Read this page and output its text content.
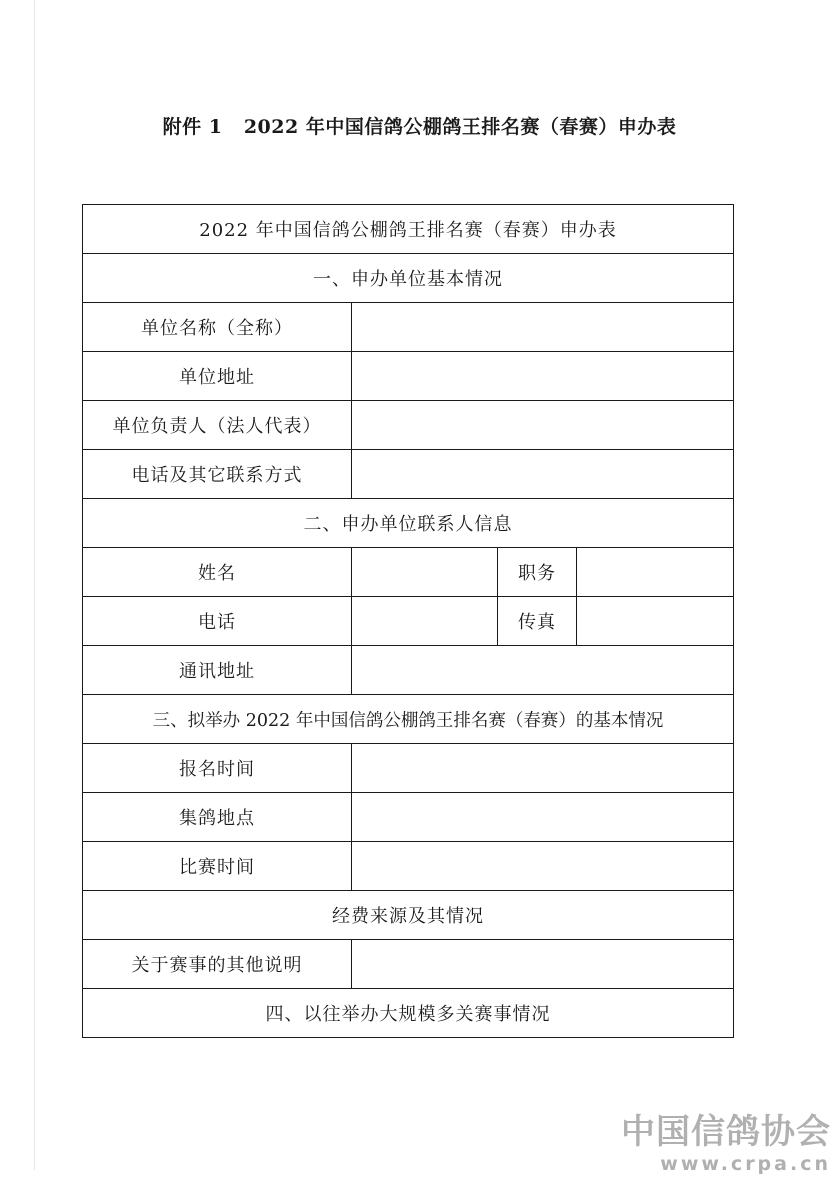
附件 1   2022 年中国信鸽公棚鸽王排名赛（春赛）申办表
2022 年中国信鸽公棚鸽王排名赛（春赛）申办表			
一、申办单位基本情况			
单位名称（全称）			
单位地址			
单位负责人（法人代表）			
电话及其它联系方式			
二、申办单位联系人信息			
姓名		职务	
电话		传真	
通讯地址			
三、拟举办 2022 年中国信鸽公棚鸽王排名赛（春赛）的基本情况			
报名时间			
集鸽地点			
比赛时间			
经费来源及其情况			
关于赛事的其他说明			
四、以往举办大规模多关赛事情况			
中国信鸽协会
www.crpa.cn
